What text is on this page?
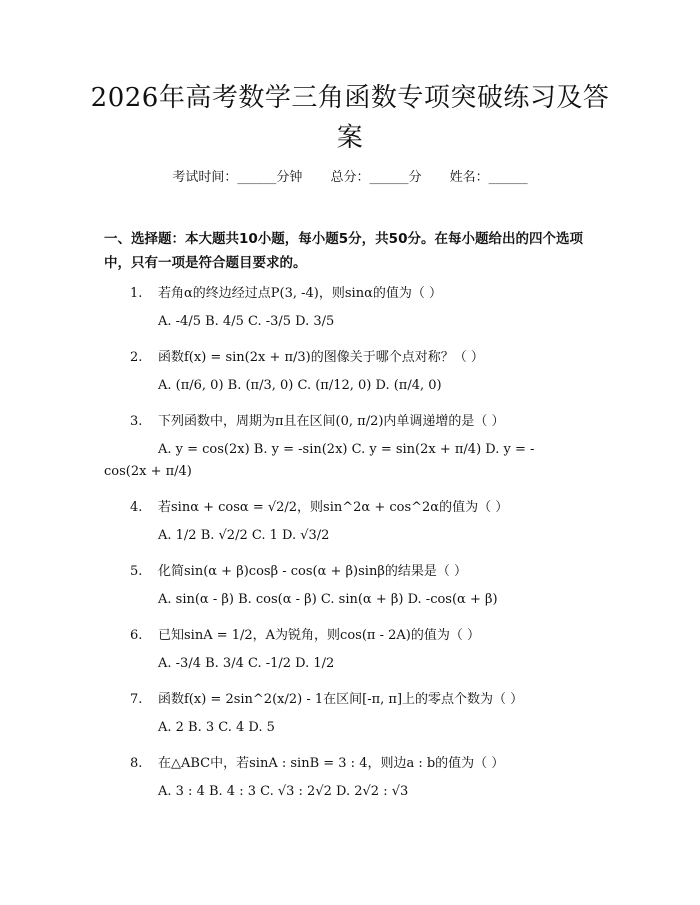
2026年高考数学三角函数专项突破练习及答案
考试时间：______分钟 总分：______分 姓名：______
一、选择题：本大题共10小题，每小题5分，共50分。在每小题给出的四个选项中，只有一项是符合题目要求的。
1. 若角α的终边经过点P(3, -4)，则sinα的值为（ ）
A. -4/5 B. 4/5 C. -3/5 D. 3/5
2. 函数f(x) = sin(2x + π/3)的图像关于哪个点对称？（ ）
A. (π/6, 0) B. (π/3, 0) C. (π/12, 0) D. (π/4, 0)
3. 下列函数中，周期为π且在区间(0, π/2)内单调递增的是（ ）
A. y = cos(2x) B. y = -sin(2x) C. y = sin(2x + π/4) D. y = -
cos(2x + π/4)
4. 若sinα + cosα = √2/2，则sin^2α + cos^2α的值为（ ）
A. 1/2 B. √2/2 C. 1 D. √3/2
5. 化简sin(α + β)cosβ - cos(α + β)sinβ的结果是（ ）
A. sin(α - β) B. cos(α - β) C. sin(α + β) D. -cos(α + β)
6. 已知sinA = 1/2，A为锐角，则cos(π - 2A)的值为（ ）
A. -3/4 B. 3/4 C. -1/2 D. 1/2
7. 函数f(x) = 2sin^2(x/2) - 1在区间[-π, π]上的零点个数为（ ）
A. 2 B. 3 C. 4 D. 5
8. 在△ABC中，若sinA : sinB = 3 : 4，则边a : b的值为（ ）
A. 3 : 4 B. 4 : 3 C. √3 : 2√2 D. 2√2 : √3
